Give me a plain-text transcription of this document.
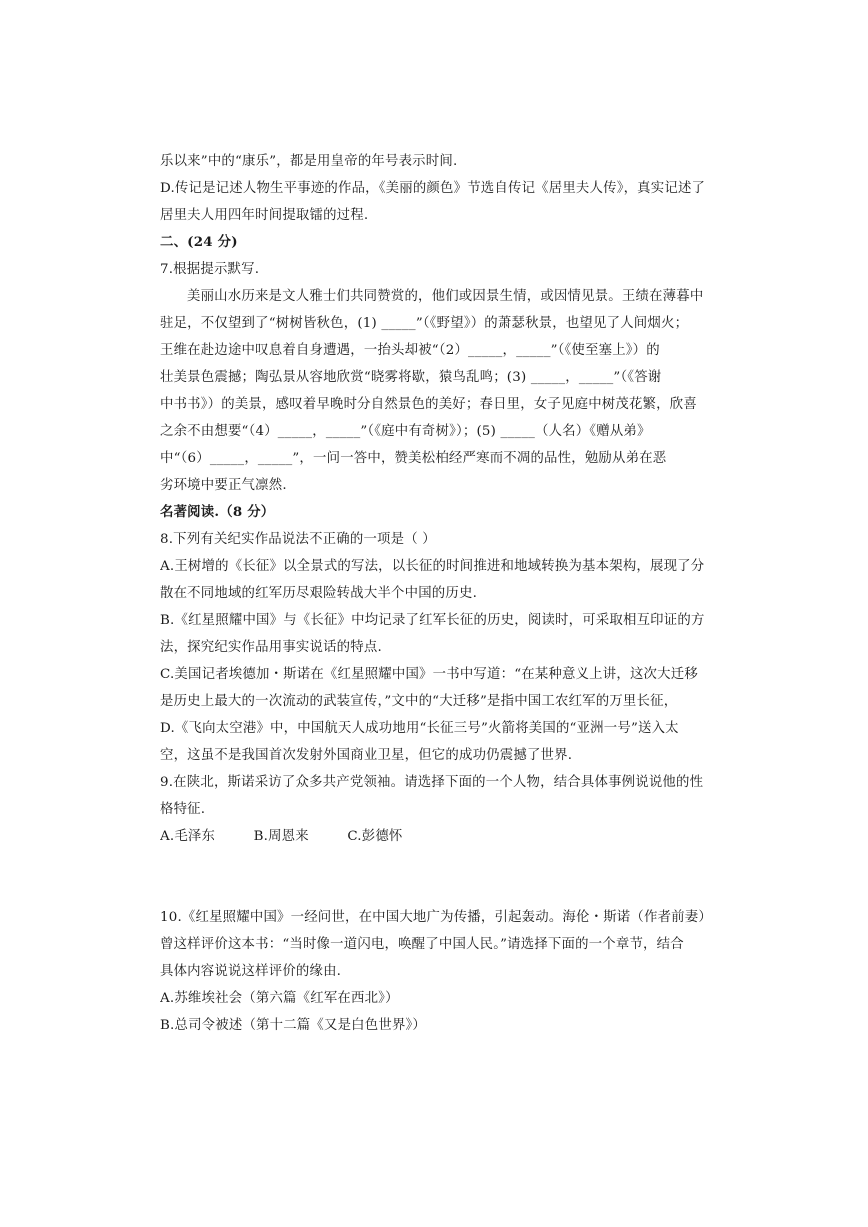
乐以来”中的“康乐”，都是用皇帝的年号表示时间.
D.传记是记述人物生平事迹的作品，《美丽的颜色》节选自传记《居里夫人传》，真实记述了
居里夫人用四年时间提取镭的过程.
二、(24 分)
7.根据提示默写.
美丽山水历来是文人雅士们共同赞赏的，他们或因景生情，或因情见景。王绩在薄暮中
驻足，不仅望到了“树树皆秋色，(1) _____”（《野望》）的萧瑟秋景，也望见了人间烟火；
王维在赴边途中叹息着自身遭遇，一抬头却被“（2）_____，_____”（《使至塞上》）的
壮美景色震撼；陶弘景从容地欣赏“晓雾将歇，猿鸟乱鸣；(3) _____，_____”（《答谢
中书书》）的美景，感叹着早晚时分自然景色的美好；春日里，女子见庭中树茂花繁，欣喜
之余不由想要“（4）_____，_____”（《庭中有奇树》）；(5) _____（人名）《赠从弟》
中“（6）_____，_____”，一问一答中，赞美松柏经严寒而不凋的品性，勉励从弟在恶
劣环境中要正气凛然.
名著阅读.（8 分）
8.下列有关纪实作品说法不正确的一项是（ ）
A.王树增的《长征》以全景式的写法，以长征的时间推进和地域转换为基本架构，展现了分
散在不同地域的红军历尽艰险转战大半个中国的历史.
B.《红星照耀中国》与《长征》中均记录了红军长征的历史，阅读时，可采取相互印证的方
法，探究纪实作品用事实说话的特点.
C.美国记者埃德加・斯诺在《红星照耀中国》一书中写道：“在某种意义上讲，这次大迁移
是历史上最大的一次流动的武装宣传，”文中的“大迁移”是指中国工农红军的万里长征，
D.《飞向太空港》中，中国航天人成功地用“长征三号”火箭将美国的“亚洲一号”送入太
空，这虽不是我国首次发射外国商业卫星，但它的成功仍震撼了世界.
9.在陕北，斯诺采访了众多共产党领袖。请选择下面的一个人物，结合具体事例说说他的性
格特征.
A.毛泽东	B.周恩来	C.彭德怀
10.《红星照耀中国》一经问世，在中国大地广为传播，引起轰动。海伦・斯诺（作者前妻）
曾这样评价这本书：“当时像一道闪电，唤醒了中国人民。”请选择下面的一个章节，结合
具体内容说说这样评价的缘由.
A.苏维埃社会（第六篇《红军在西北》）
B.总司令被述（第十二篇《又是白色世界》）
